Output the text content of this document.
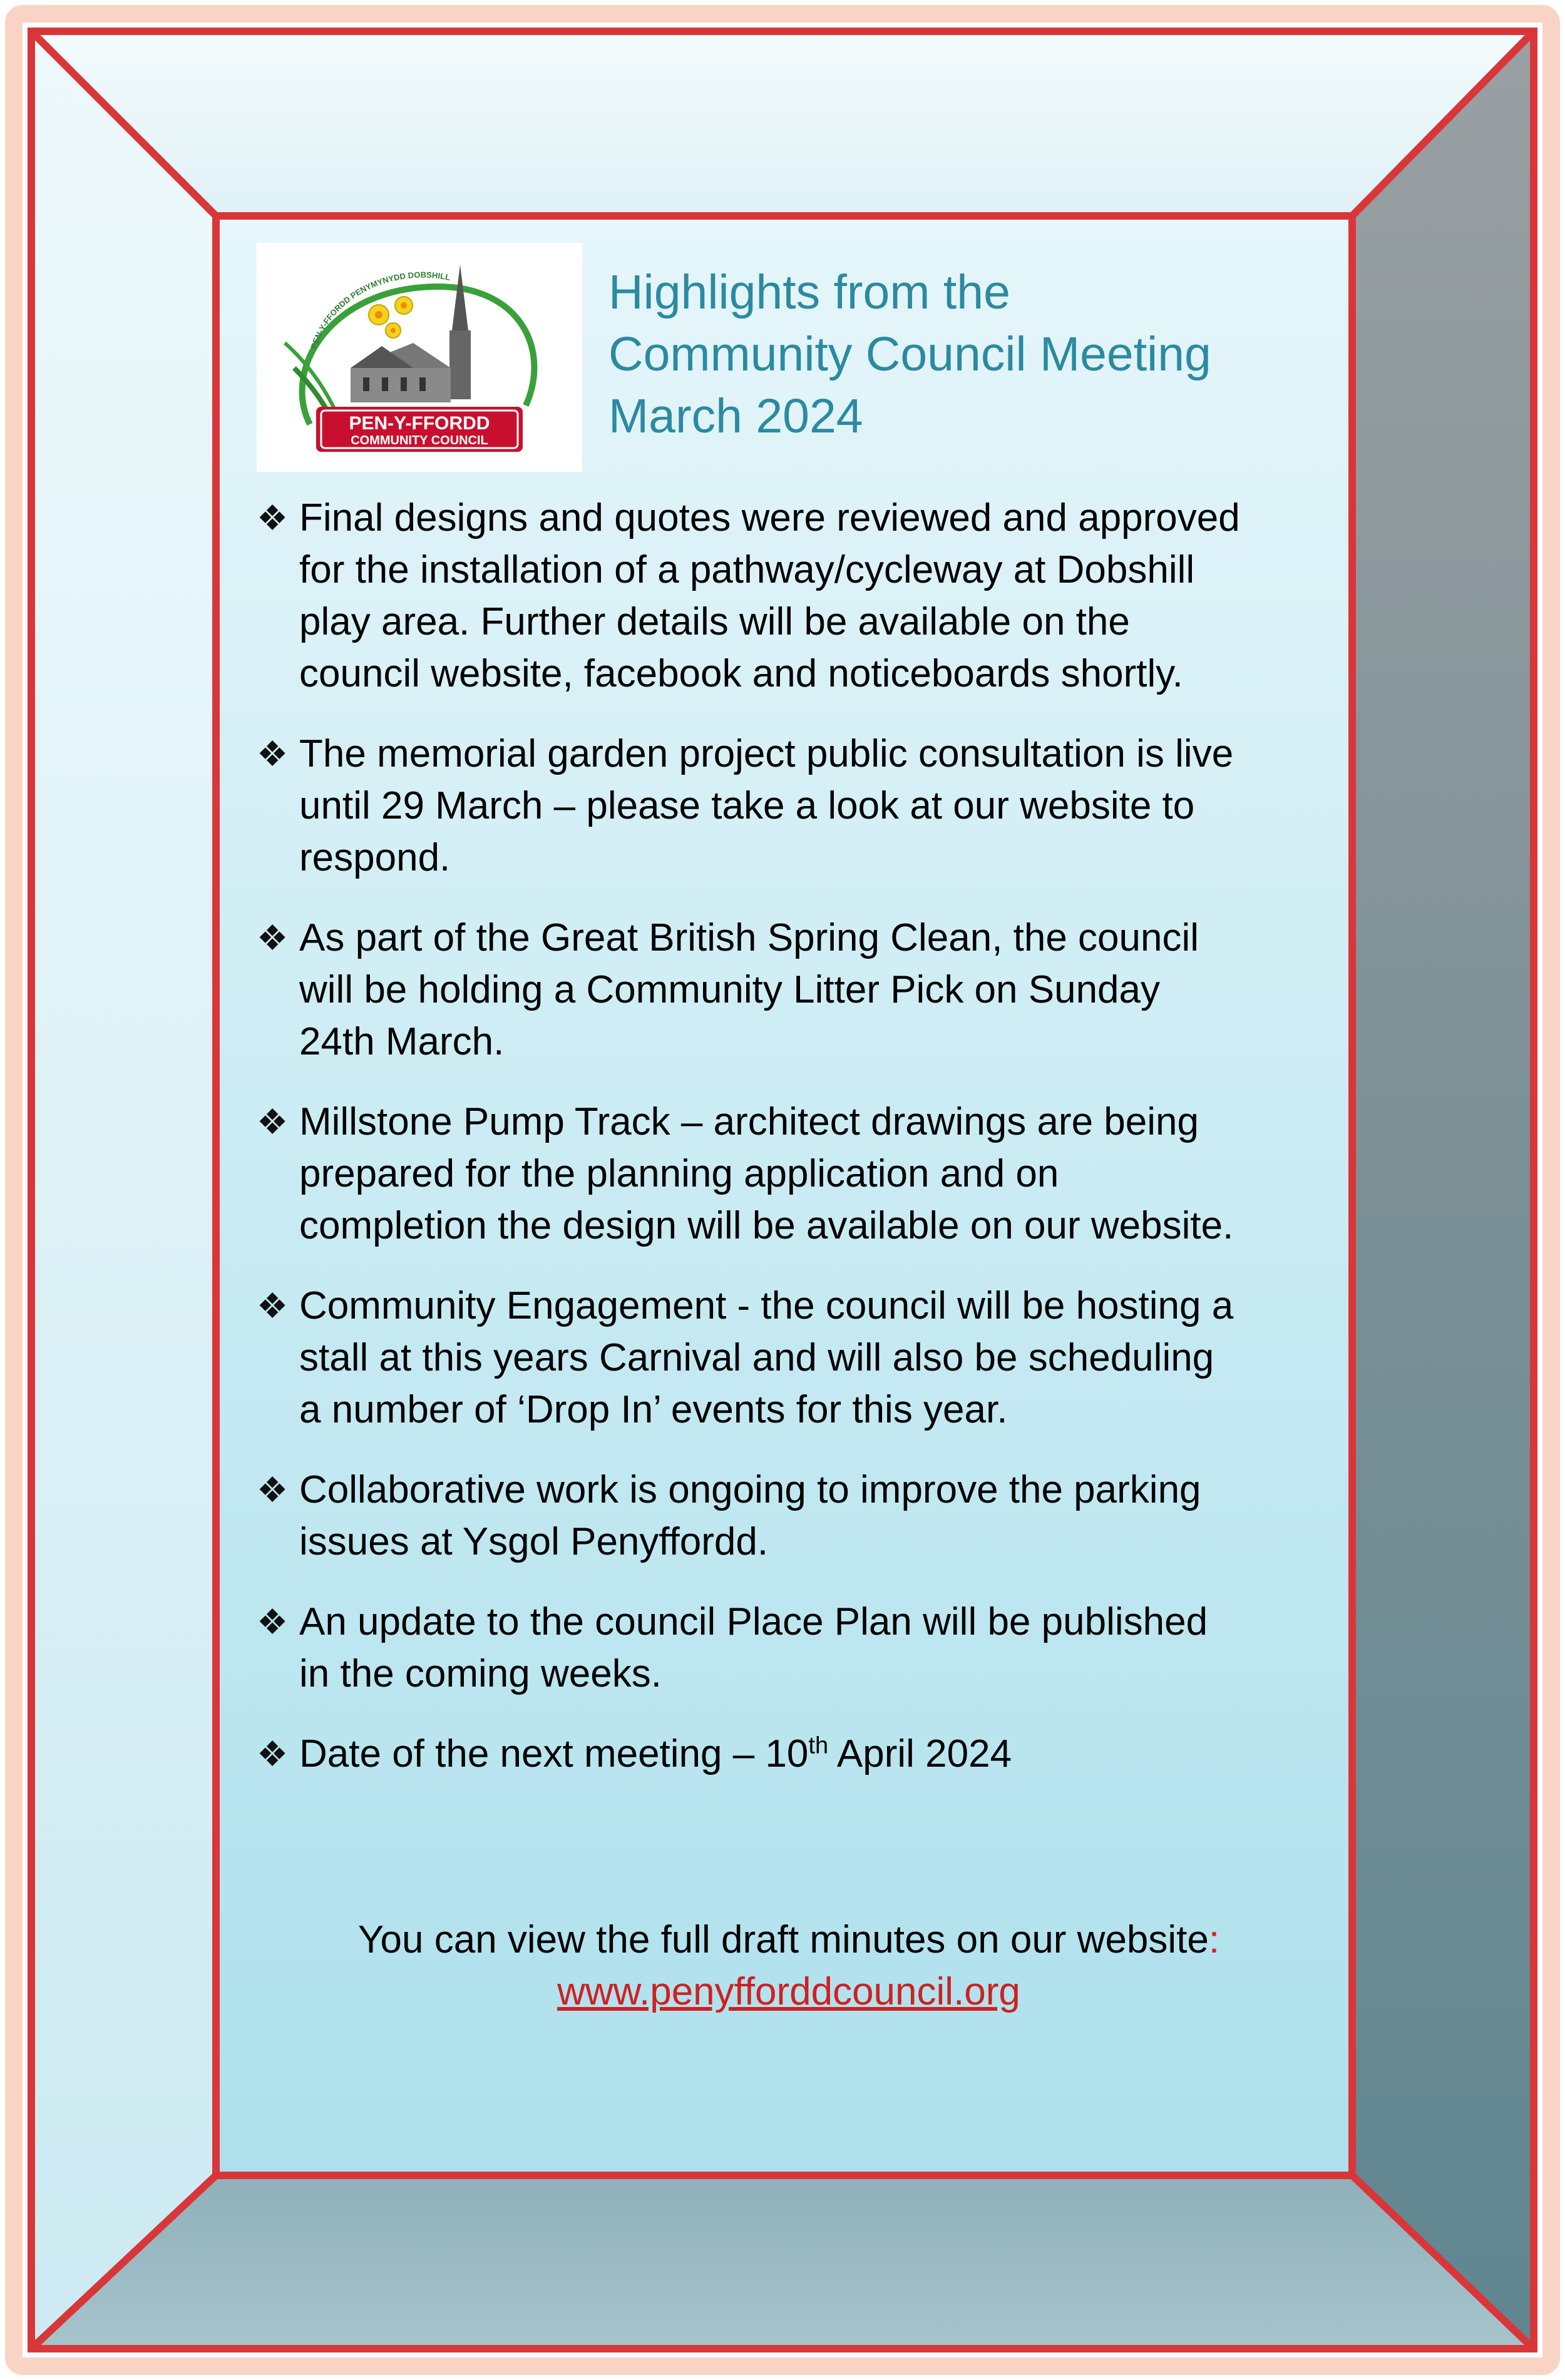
PEN-Y-FFORDD PENYMYNYDD DOBSHILL
PEN-Y-FFORDD
COMMUNITY COUNCIL
Highlights from the
Community Council Meeting
March 2024
❖ Final designs and quotes were reviewed and approved
for the installation of a pathway/cycleway at Dobshill
play area. Further details will be available on the
council website, facebook and noticeboards shortly.
❖ The memorial garden project public consultation is live
until 29 March – please take a look at our website to
respond.
❖ As part of the Great British Spring Clean, the council
will be holding a Community Litter Pick on Sunday
24th March.
❖ Millstone Pump Track – architect drawings are being
prepared for the planning application and on
completion the design will be available on our website.
❖ Community Engagement - the council will be hosting a
stall at this years Carnival and will also be scheduling
a number of ‘Drop In’ events for this year.
❖ Collaborative work is ongoing to improve the parking
issues at Ysgol Penyffordd.
❖ An update to the council Place Plan will be published
in the coming weeks.
❖ Date of the next meeting – 10th April 2024
You can view the full draft minutes on our website:
www.penyfforddcouncil.org
